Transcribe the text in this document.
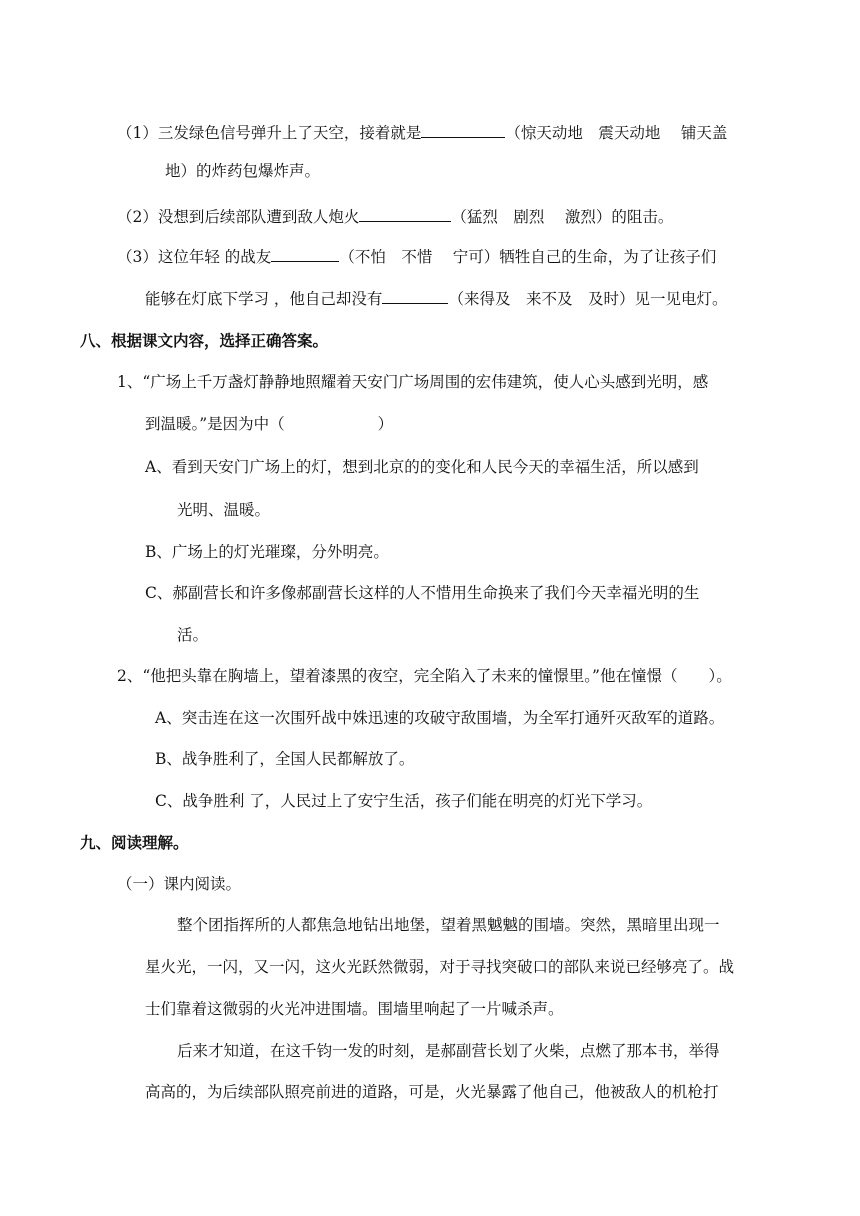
（1）三发绿色信号弹升上了天空，接着就是	（惊天动地　震天动地　 铺天盖
地）的炸药包爆炸声。
（2）没想到后续部队遭到敌人炮火	（猛烈　剧烈　 激烈）的阻击。
（3）这位年轻 的战友	（不怕　不惜　 宁可）牺牲自己的生命，为了让孩子们
能够在灯底下学习 ，他自己却没有	（来得及　来不及　及时）见一见电灯。
八、根据课文内容，选择正确答案。
1、“广场上千万盏灯静静地照耀着天安门广场周围的宏伟建筑，使人心头感到光明，感
到温暖。”是因为中（　　　　　　）
A、看到天安门广场上的灯，想到北京的的变化和人民今天的幸福生活，所以感到
光明、温暖。
B、广场上的灯光璀璨，分外明亮。
C、郝副营长和许多像郝副营长这样的人不惜用生命换来了我们今天幸福光明的生
活。
2、“他把头靠在胸墙上，望着漆黑的夜空，完全陷入了未来的憧憬里。”他在憧憬（　　）。
A、突击连在这一次围歼战中姝迅速的攻破守敌围墙，为全军打通歼灭敌军的道路。
B、战争胜利了，全国人民都解放了。
C、战争胜利 了，人民过上了安宁生活，孩子们能在明亮的灯光下学习。
九、阅读理解。
（一）课内阅读。
整个团指挥所的人都焦急地钻出地堡，望着黑魆魆的围墙。突然，黑暗里出现一
星火光，一闪，又一闪，这火光跃然微弱，对于寻找突破口的部队来说已经够亮了。战
士们靠着这微弱的火光冲进围墙。围墙里响起了一片喊杀声。
后来才知道，在这千钧一发的时刻，是郝副营长划了火柴，点燃了那本书，举得
高高的，为后续部队照亮前进的道路，可是，火光暴露了他自己，他被敌人的机枪打
